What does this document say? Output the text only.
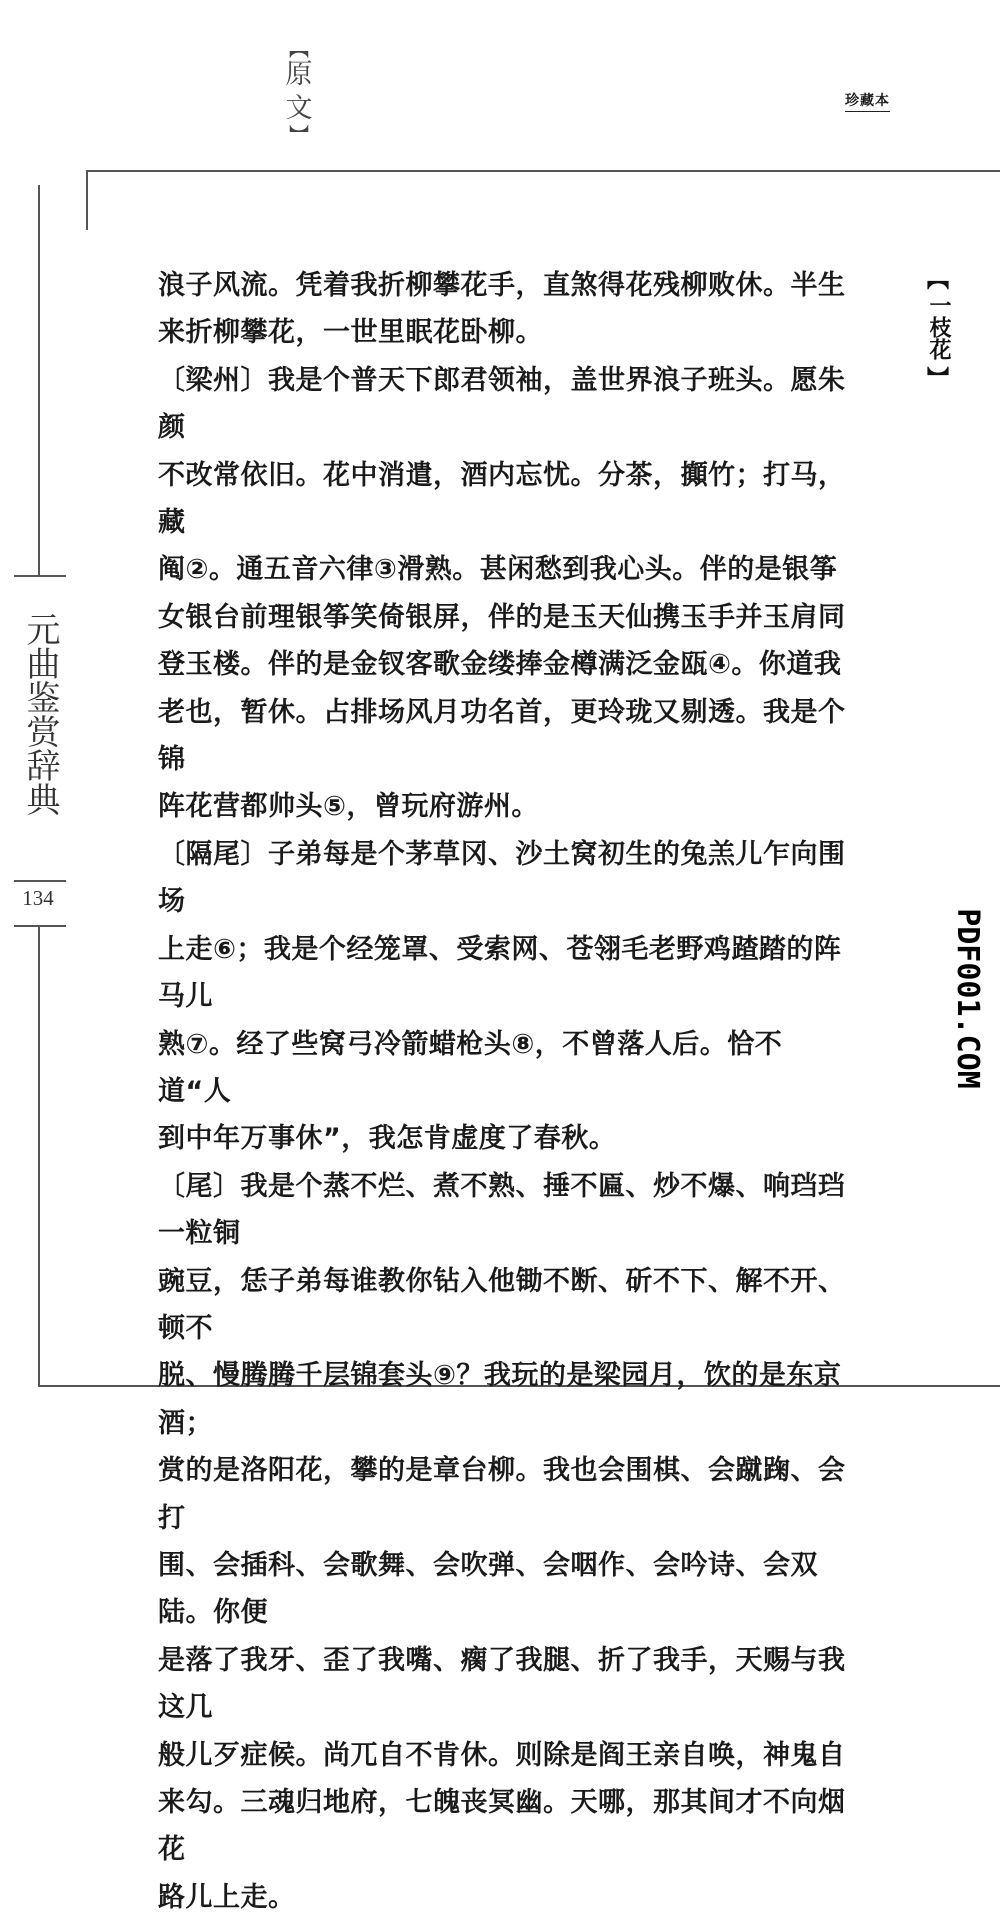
︻
原文
︼
珍藏本
元曲鉴赏辞典
134
︻
一枝花
︼
PDF001.COM

浪子风流。凭着我折柳攀花手，直煞得花残柳败休。半生

来折柳攀花，一世里眠花卧柳。

〔梁州〕我是个普天下郎君领袖，盖世界浪子班头。愿朱颜

不改常依旧。花中消遣，酒内忘忧。分茶，攧竹；打马，藏

阄②。通五音六律③滑熟。甚闲愁到我心头。伴的是银筝

女银台前理银筝笑倚银屏，伴的是玉天仙携玉手并玉肩同

登玉楼。伴的是金钗客歌金缕捧金樽满泛金瓯④。你道我

老也，暂休。占排场风月功名首，更玲珑又剔透。我是个锦

阵花营都帅头⑤，曾玩府游州。

〔隔尾〕子弟每是个茅草冈、沙土窝初生的兔羔儿乍向围场

上走⑥；我是个经笼罩、受索网、苍翎毛老野鸡蹅踏的阵马儿

熟⑦。经了些窝弓冷箭蜡枪头⑧，不曾落人后。恰不道“人

到中年万事休”，我怎肯虚度了春秋。

〔尾〕我是个蒸不烂、煮不熟、捶不匾、炒不爆、响珰珰一粒铜

豌豆，恁子弟每谁教你钻入他锄不断、斫不下、解不开、顿不

脱、慢腾腾千层锦套头⑨？我玩的是梁园月，饮的是东京酒；

赏的是洛阳花，攀的是章台柳。我也会围棋、会蹴踘、会打

围、会插科、会歌舞、会吹弹、会咽作、会吟诗、会双陆。你便

是落了我牙、歪了我嘴、瘸了我腿、折了我手，天赐与我这几

般儿歹症候。尚兀自不肯休。则除是阎王亲自唤，神鬼自

来勾。三魂归地府，七魄丧冥幽。天哪，那其间才不向烟花

路儿上走。
